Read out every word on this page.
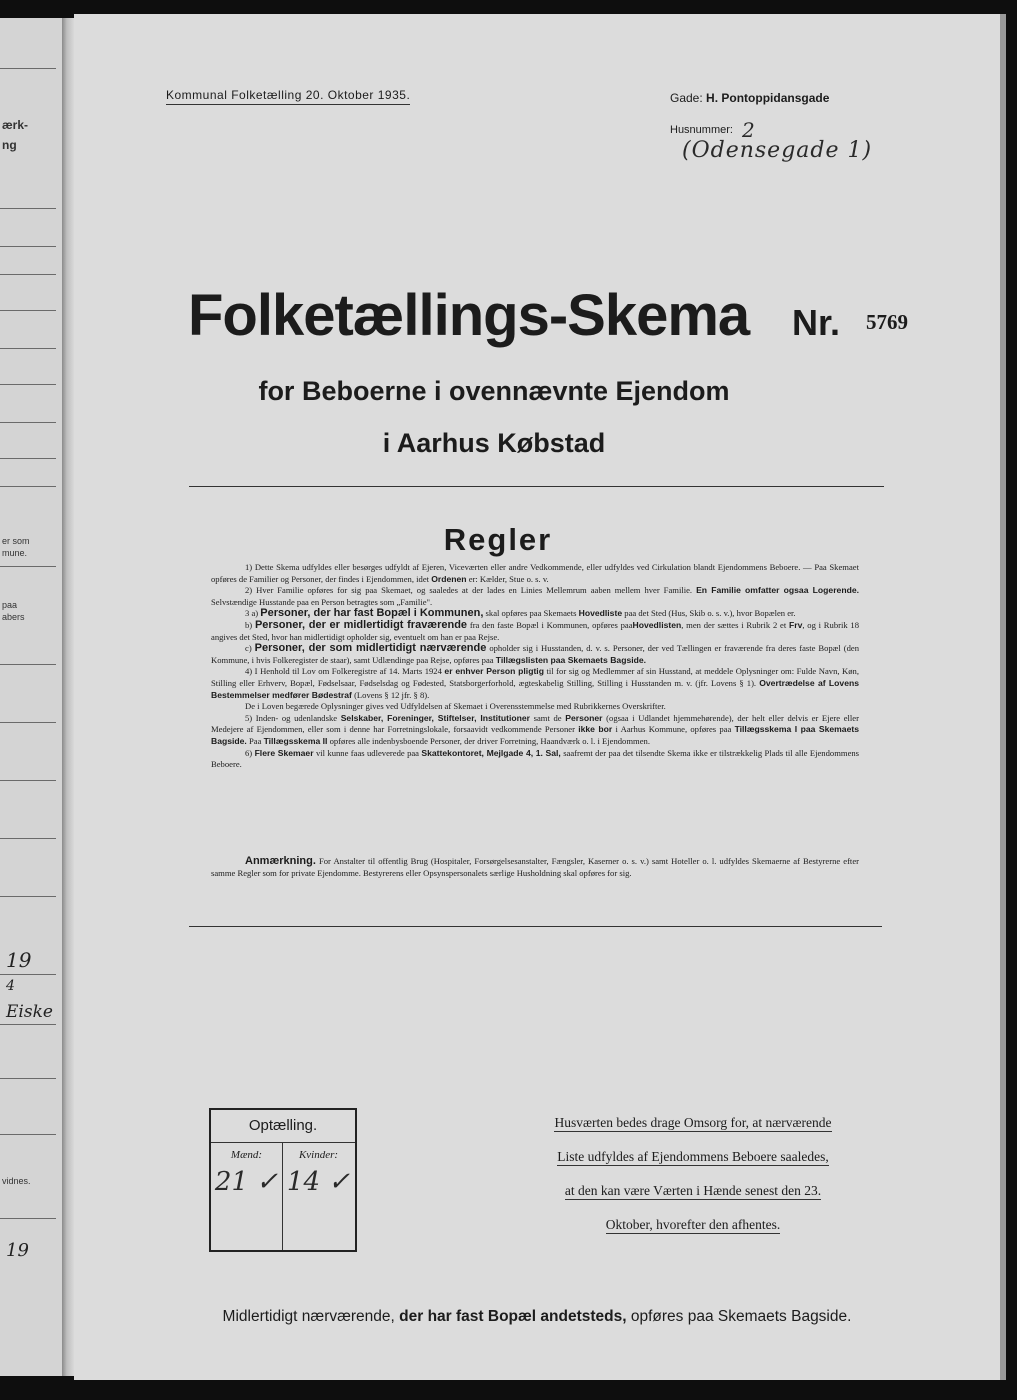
ærk-
ng
er som
mune.
paa
abers
19
4
Eiske
vidnes.
19
Kommunal Folketælling 20. Oktober 1935.	Gade: H. Pontoppidansgade
Husnummer: 2
(Odensegade 1)
Folketællings-Skema Nr. 5769
for Beboerne i ovennævnte Ejendom
i Aarhus Købstad
Regler

1) Dette Skema udfyldes eller besørges udfyldt af Ejeren, Viceværten eller andre Vedkommende, eller udfyldes ved Cirkulation blandt Ejendommens Beboere. — Paa Skemaet opføres de Familier og Personer, der findes i Ejendommen, idet Ordenen er: Kælder, Stue o. s. v.

2) Hver Familie opføres for sig paa Skemaet, og saaledes at der lades en Linies Mellemrum aaben mellem hver Familie. En Familie omfatter ogsaa Logerende. Selvstændige Husstande paa en Person betragtes som „Familie".

3 a) Personer, der har fast Bopæl i Kommunen, skal opføres paa Skemaets Hovedliste paa det Sted (Hus, Skib o. s. v.), hvor Bopælen er.

b) Personer, der er midlertidigt fraværende fra den faste Bopæl i Kommunen, opføres paaHovedlisten, men der sættes i Rubrik 2 et Frv, og i Rubrik 18 angives det Sted, hvor han midlertidigt opholder sig, eventuelt om han er paa Rejse.

c) Personer, der som midlertidigt nærværende opholder sig i Husstanden, d. v. s. Personer, der ved Tællingen er fraværende fra deres faste Bopæl (den Kommune, i hvis Folkeregister de staar), samt Udlændinge paa Rejse, opføres paa Tillægslisten paa Skemaets Bagside.

4) I Henhold til Lov om Folkeregistre af 14. Marts 1924 er enhver Person pligtig til for sig og Medlemmer af sin Husstand, at meddele Oplysninger om: Fulde Navn, Køn, Stilling eller Erhverv, Bopæl, Fødselsaar, Fødselsdag og Fødested, Statsborgerforhold, ægteskabelig Stilling, Stilling i Husstanden m. v. (jfr. Lovens § 1). Overtrædelse af Lovens Bestemmelser medfører Bødestraf (Lovens § 12 jfr. § 8).

De i Loven begærede Oplysninger gives ved Udfyldelsen af Skemaet i Overensstemmelse med Rubrikkernes Overskrifter.

5) Inden- og udenlandske Selskaber, Foreninger, Stiftelser, Institutioner samt de Personer (ogsaa i Udlandet hjemmehørende), der helt eller delvis er Ejere eller Medejere af Ejendommen, eller som i denne har Forretningslokale, forsaavidt vedkommende Personer ikke bor i Aarhus Kommune, opføres paa Tillægsskema I paa Skemaets Bagside. Paa Tillægsskema II opføres alle indenbysboende Personer, der driver Forretning, Haandværk o. l. i Ejendommen.

6) Flere Skemaer vil kunne faas udleverede paa Skattekontoret, Mejlgade 4, 1. Sal, saafremt der paa det tilsendte Skema ikke er tilstrækkelig Plads til alle Ejendommens Beboere.

Anmærkning. For Anstalter til offentlig Brug (Hospitaler, Forsørgelsesanstalter, Fængsler, Kaserner o. s. v.) samt Hoteller o. l. udfyldes Skemaerne af Bestyrerne efter samme Regler som for private Ejendomme. Bestyrerens eller Opsynspersonalets særlige Husholdning skal opføres for sig.

Optælling.
Mænd:
21 ✓
Kvinder:
14 ✓
Husværten bedes drage Omsorg for, at nærværende
Liste udfyldes af Ejendommens Beboere saaledes,
at den kan være Værten i Hænde senest den 23.
Oktober, hvorefter den afhentes.
Midlertidigt nærværende, der har fast Bopæl andetsteds, opføres paa Skemaets Bagside.
